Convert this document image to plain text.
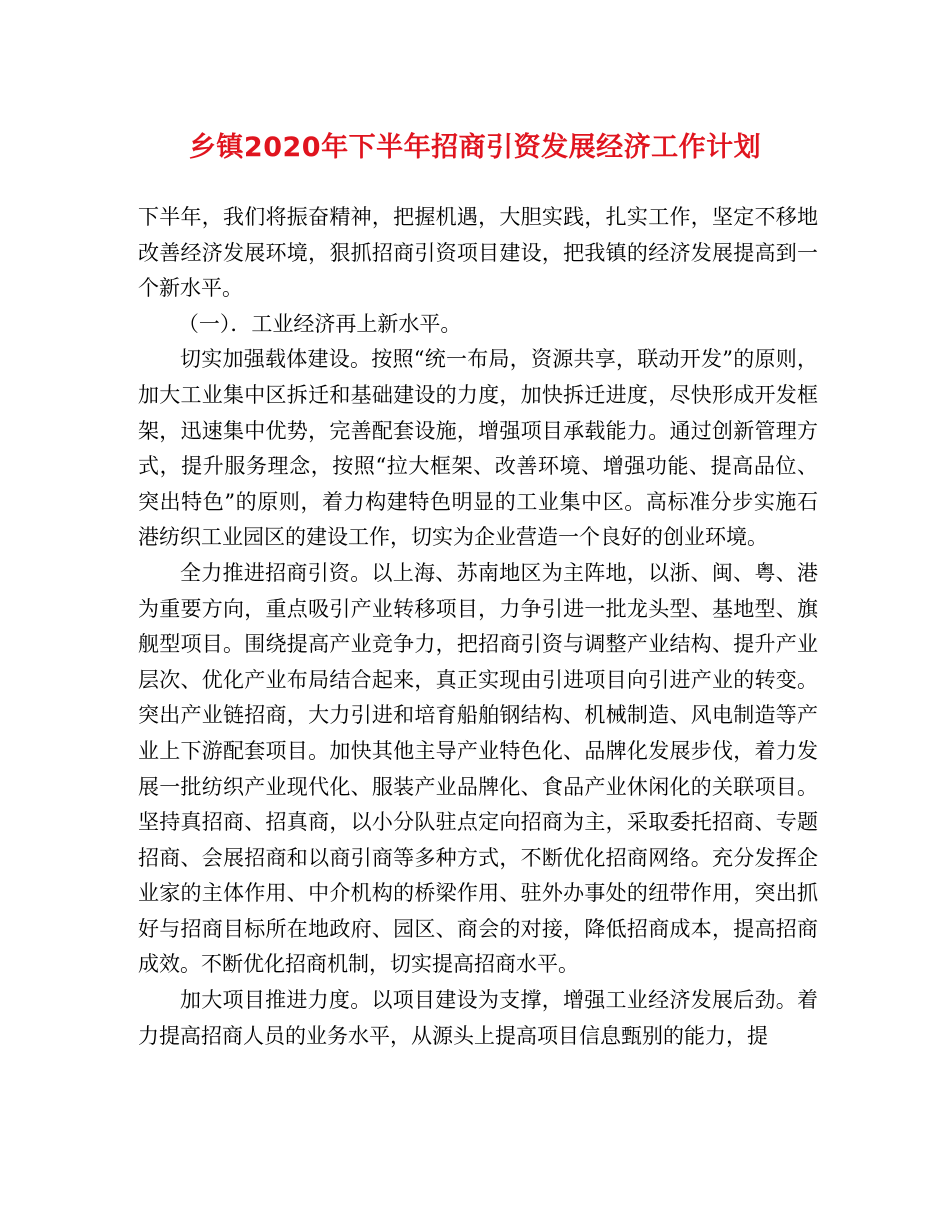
乡镇2020年下半年招商引资发展经济工作计划

下半年，我们将振奋精神，把握机遇，大胆实践，扎实工作，坚定不移地改善经济发展环境，狠抓招商引资项目建设，把我镇的经济发展提高到一个新水平。

（一）．工业经济再上新水平。

切实加强载体建设。按照“统一布局，资源共享，联动开发”的原则，加大工业集中区拆迁和基础建设的力度，加快拆迁进度，尽快形成开发框架，迅速集中优势，完善配套设施，增强项目承载能力。通过创新管理方式，提升服务理念，按照“拉大框架、改善环境、增强功能、提高品位、突出特色”的原则，着力构建特色明显的工业集中区。高标准分步实施石港纺织工业园区的建设工作，切实为企业营造一个良好的创业环境。

全力推进招商引资。以上海、苏南地区为主阵地，以浙、闽、粤、港为重要方向，重点吸引产业转移项目，力争引进一批龙头型、基地型、旗舰型项目。围绕提高产业竞争力，把招商引资与调整产业结构、提升产业层次、优化产业布局结合起来，真正实现由引进项目向引进产业的转变。突出产业链招商，大力引进和培育船舶钢结构、机械制造、风电制造等产业上下游配套项目。加快其他主导产业特色化、品牌化发展步伐，着力发展一批纺织产业现代化、服装产业品牌化、食品产业休闲化的关联项目。坚持真招商、招真商，以小分队驻点定向招商为主，采取委托招商、专题招商、会展招商和以商引商等多种方式，不断优化招商网络。充分发挥企业家的主体作用、中介机构的桥梁作用、驻外办事处的纽带作用，突出抓好与招商目标所在地政府、园区、商会的对接，降低招商成本，提高招商成效。不断优化招商机制，切实提高招商水平。

加大项目推进力度。以项目建设为支撑，增强工业经济发展后劲。着力提高招商人员的业务水平，从源头上提高项目信息甄别的能力，提
